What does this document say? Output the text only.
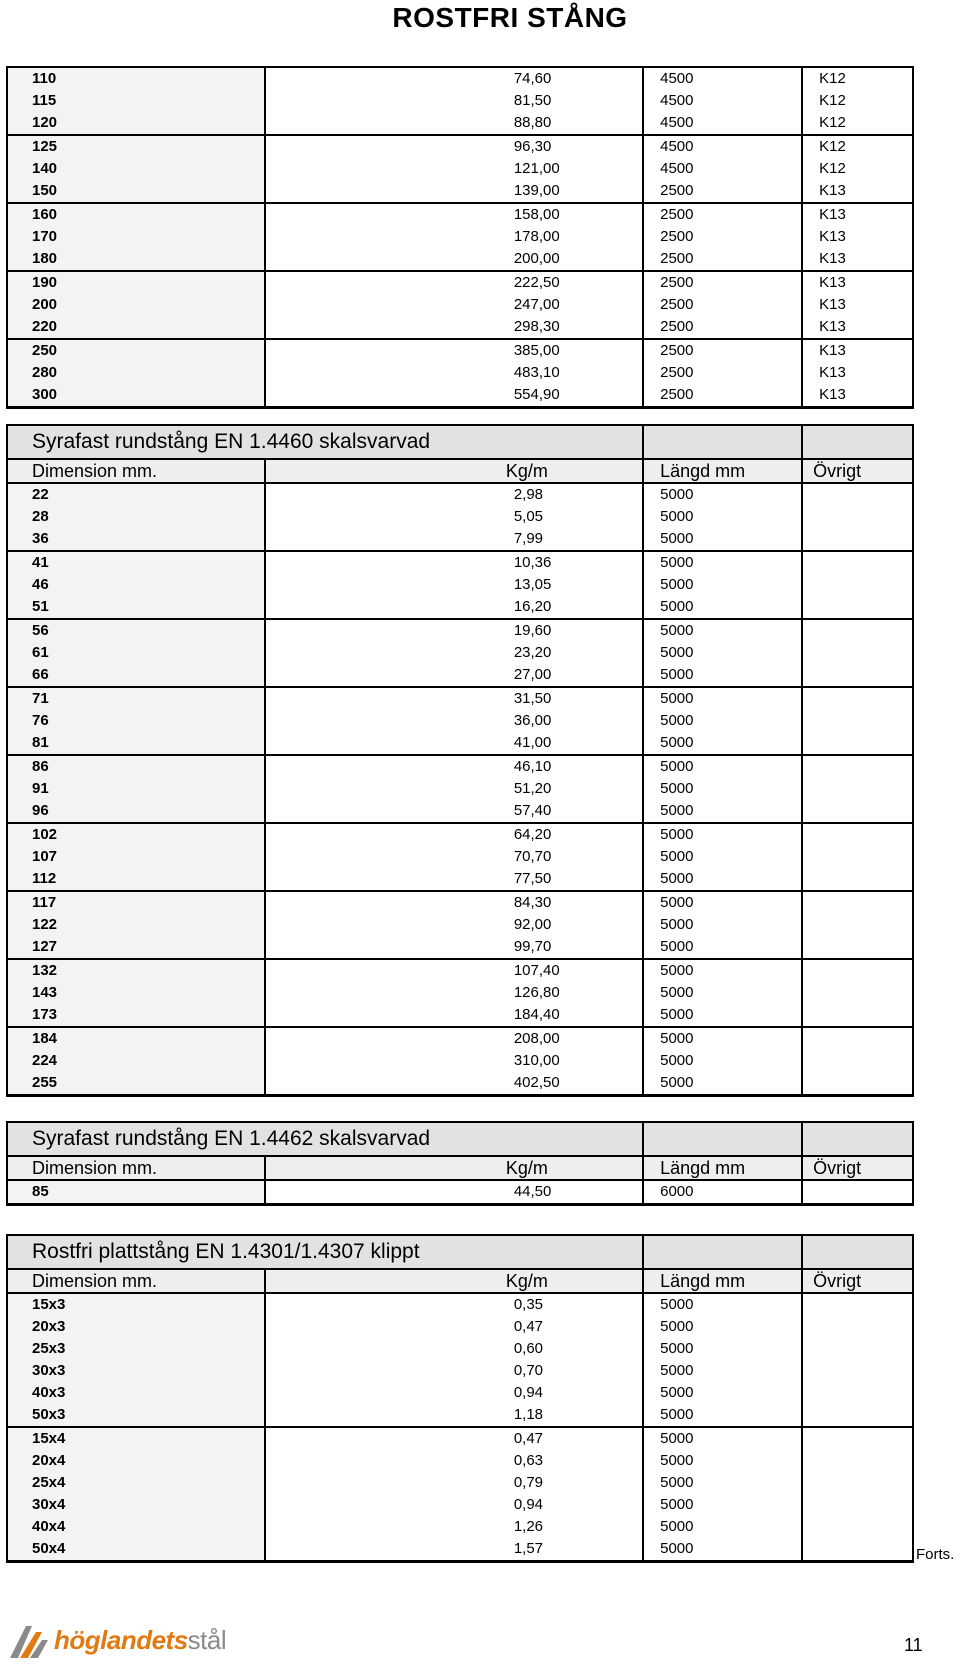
ROSTFRI STÅNG
110	74,60	4500	K12
115	81,50	4500	K12
120	88,80	4500	K12
125	96,30	4500	K12
140	121,00	4500	K12
150	139,00	2500	K13
160	158,00	2500	K13
170	178,00	2500	K13
180	200,00	2500	K13
190	222,50	2500	K13
200	247,00	2500	K13
220	298,30	2500	K13
250	385,00	2500	K13
280	483,10	2500	K13
300	554,90	2500	K13
Syrafast rundstång EN 1.4460 skalsvarvad			
Dimension mm.	Kg/m	Längd mm	Övrigt
22	2,98	5000	
28	5,05	5000	
36	7,99	5000	
41	10,36	5000	
46	13,05	5000	
51	16,20	5000	
56	19,60	5000	
61	23,20	5000	
66	27,00	5000	
71	31,50	5000	
76	36,00	5000	
81	41,00	5000	
86	46,10	5000	
91	51,20	5000	
96	57,40	5000	
102	64,20	5000	
107	70,70	5000	
112	77,50	5000	
117	84,30	5000	
122	92,00	5000	
127	99,70	5000	
132	107,40	5000	
143	126,80	5000	
173	184,40	5000	
184	208,00	5000	
224	310,00	5000	
255	402,50	5000	
Syrafast rundstång EN 1.4462 skalsvarvad			
Dimension mm.	Kg/m	Längd mm	Övrigt
85	44,50	6000	
Rostfri plattstång EN 1.4301/1.4307 klippt			
Dimension mm.	Kg/m	Längd mm	Övrigt
15x3	0,35	5000	
20x3	0,47	5000	
25x3	0,60	5000	
30x3	0,70	5000	
40x3	0,94	5000	
50x3	1,18	5000	
15x4	0,47	5000	
20x4	0,63	5000	
25x4	0,79	5000	
30x4	0,94	5000	
40x4	1,26	5000	
50x4	1,57	5000		Forts.
höglandetsstål	11
